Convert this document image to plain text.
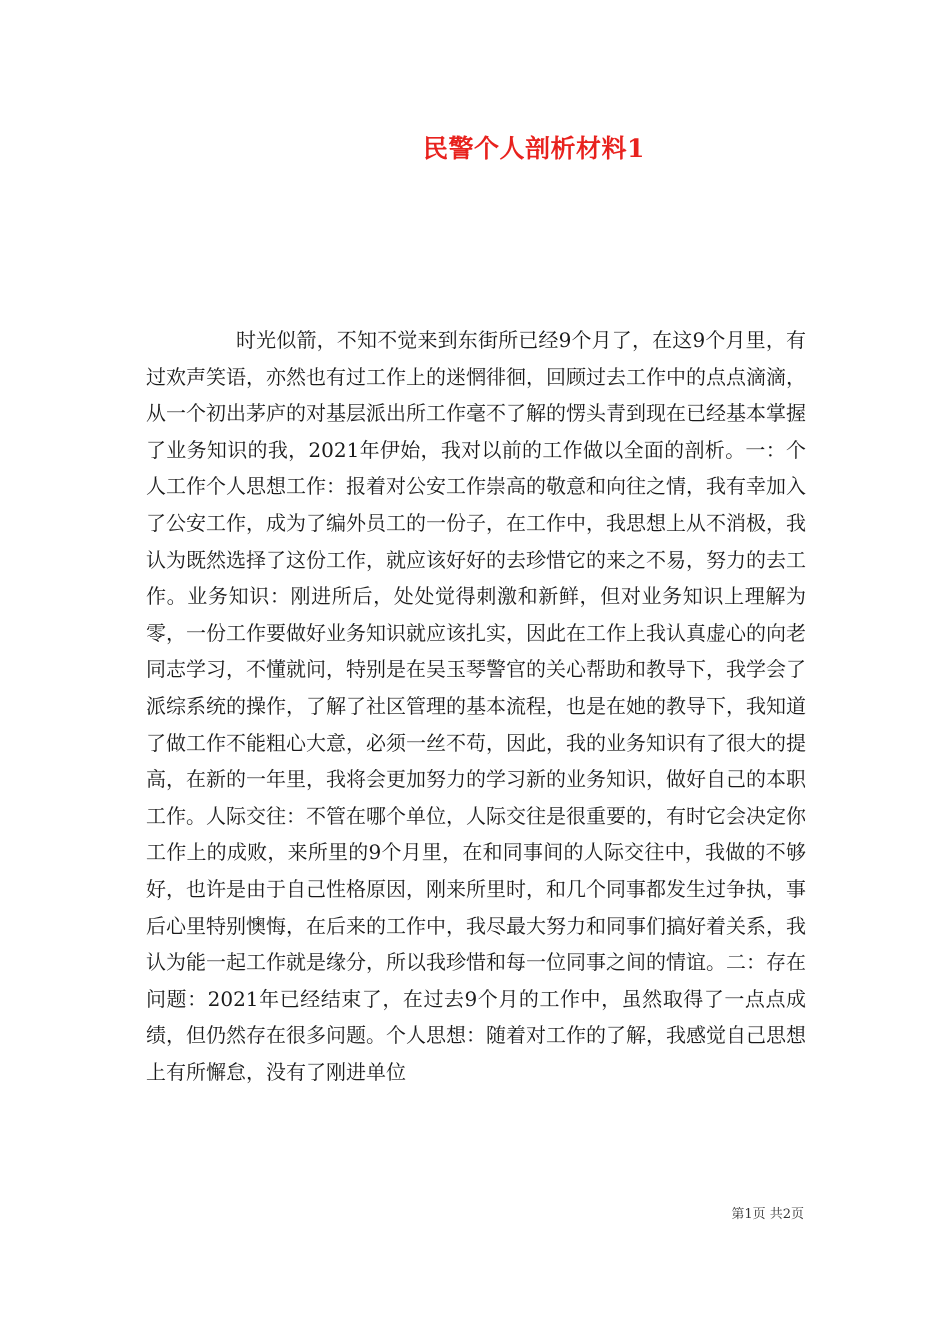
民警个人剖析材料1

时光似箭，不知不觉来到东街所已经9个月了，在这9个月里，有过欢声笑语，亦然也有过工作上的迷惘徘徊，回顾过去工作中的点点滴滴，从一个初出茅庐的对基层派出所工作毫不了解的愣头青到现在已经基本掌握了业务知识的我，2021年伊始，我对以前的工作做以全面的剖析。一：个人工作个人思想工作：报着对公安工作崇高的敬意和向往之情，我有幸加入了公安工作，成为了编外员工的一份子，在工作中，我思想上从不消极，我认为既然选择了这份工作，就应该好好的去珍惜它的来之不易，努力的去工作。业务知识：刚进所后，处处觉得刺激和新鲜，但对业务知识上理解为零，一份工作要做好业务知识就应该扎实，因此在工作上我认真虚心的向老同志学习，不懂就问，特别是在吴玉琴警官的关心帮助和教导下，我学会了派综系统的操作，了解了社区管理的基本流程，也是在她的教导下，我知道了做工作不能粗心大意，必须一丝不苟，因此，我的业务知识有了很大的提高，在新的一年里，我将会更加努力的学习新的业务知识，做好自己的本职工作。人际交往：不管在哪个单位，人际交往是很重要的，有时它会决定你工作上的成败，来所里的9个月里，在和同事间的人际交往中，我做的不够好，也许是由于自己性格原因，刚来所里时，和几个同事都发生过争执，事后心里特别懊悔，在后来的工作中，我尽最大努力和同事们搞好着关系，我认为能一起工作就是缘分，所以我珍惜和每一位同事之间的情谊。二：存在问题：2021年已经结束了，在过去9个月的工作中，虽然取得了一点点成绩，但仍然存在很多问题。个人思想：随着对工作的了解，我感觉自己思想上有所懈怠，没有了刚进单位

第1页 共2页
